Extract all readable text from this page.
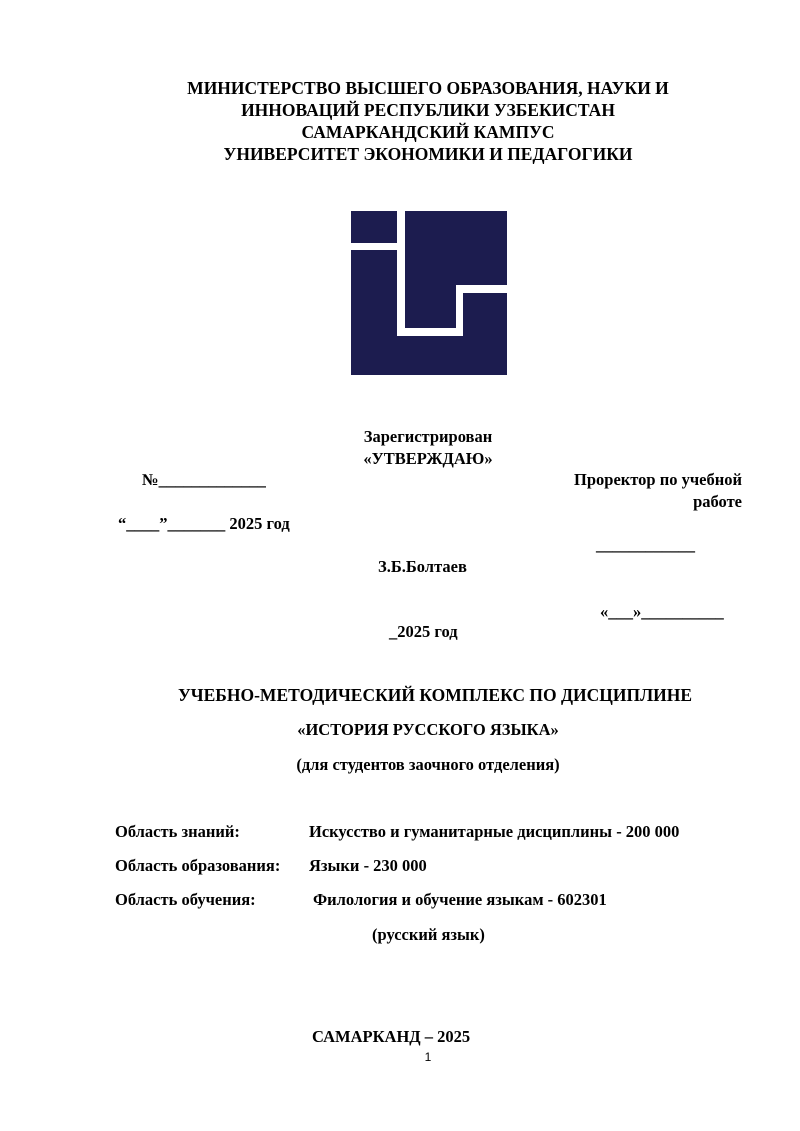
МИНИСТЕРСТВО ВЫСШЕГО ОБРАЗОВАНИЯ, НАУКИ И
ИННОВАЦИЙ РЕСПУБЛИКИ УЗБЕКИСТАН
САМАРКАНДСКИЙ КАМПУС
УНИВЕРСИТЕТ ЭКОНОМИКИ И ПЕДАГОГИКИ
Зарегистрирован
«УТВЕРЖДАЮ»
№_____________
“____”_______ 2025 год
Проректор по учебной
работе
____________
З.Б.Болтаев
«___»__________
_2025 год
УЧЕБНО-МЕТОДИЧЕСКИЙ КОМПЛЕКС ПО ДИСЦИПЛИНЕ
«ИСТОРИЯ РУССКОГО ЯЗЫКА»
(для студентов заочного отделения)
Область знаний:	Искусство и гуманитарные дисциплины - 200 000
Область образования: Языки - 230 000
Область обучения:	Филология и обучение языкам - 602301
(русский язык)
САМАРКАНД – 2025
1
